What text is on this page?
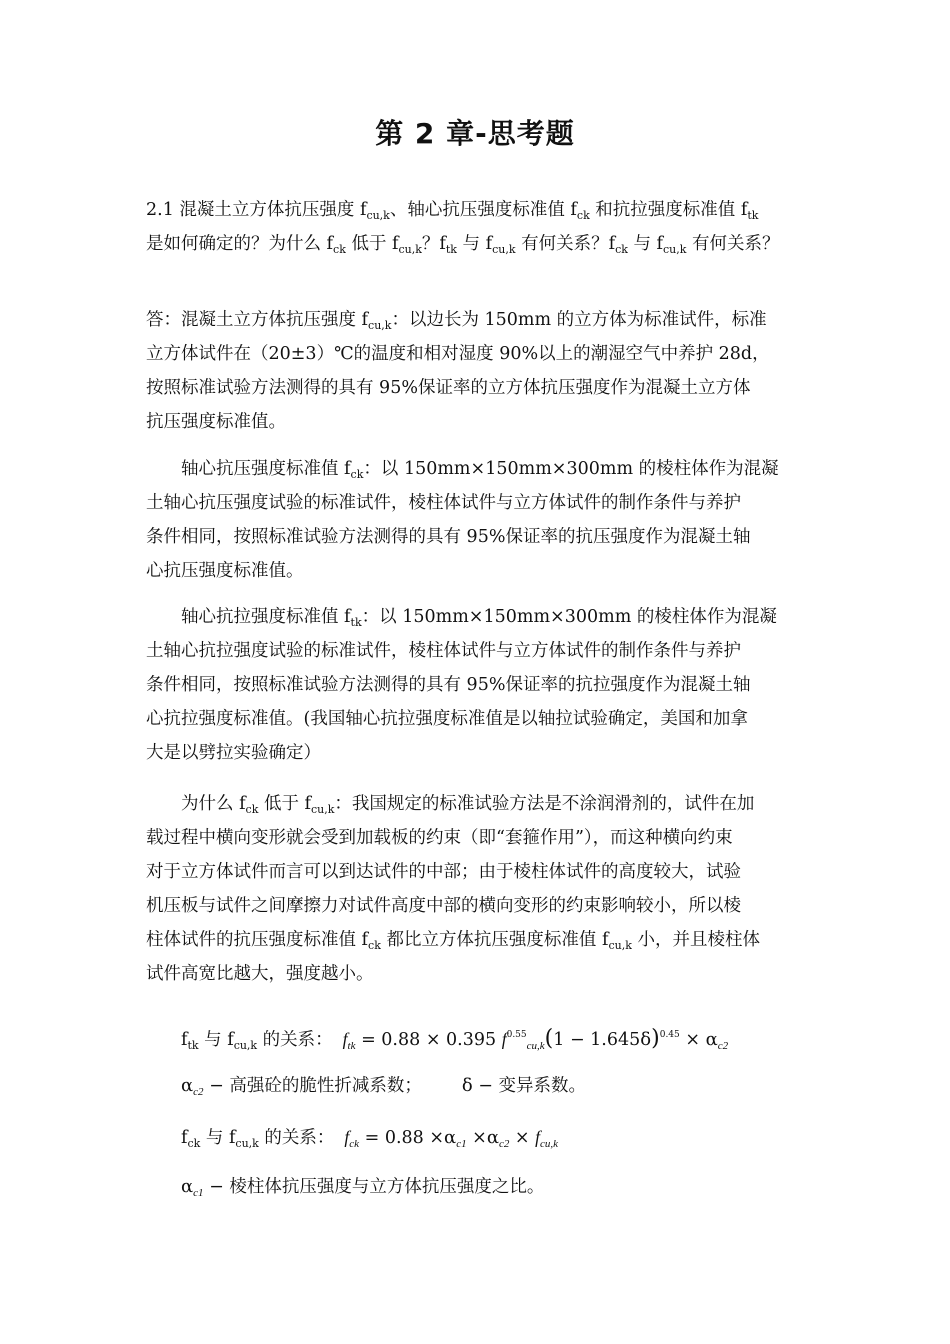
第 2 章-思考题
2.1 混凝土立方体抗压强度 $f_{cu,k}$、轴心抗压强度标准值 $f_{ck}$ 和抗拉强度标准值 $f_{tk}$
是如何确定的？为什么 $f_{ck}$ 低于 $f_{cu,k}$？$f_{tk}$ 与 $f_{cu,k}$ 有何关系？$f_{ck}$ 与 $f_{cu,k}$ 有何关系？
答：混凝土立方体抗压强度 $f_{cu,k}$：以边长为 150mm 的立方体为标准试件，标准
立方体试件在（20±3）℃的温度和相对湿度 90%以上的潮湿空气中养护 28d，
按照标准试验方法测得的具有 95%保证率的立方体抗压强度作为混凝土立方体
抗压强度标准值。
轴心抗压强度标准值 $f_{ck}$：以 150mm×150mm×300mm 的棱柱体作为混凝
土轴心抗压强度试验的标准试件，棱柱体试件与立方体试件的制作条件与养护
条件相同，按照标准试验方法测得的具有 95%保证率的抗压强度作为混凝土轴
心抗压强度标准值。
轴心抗拉强度标准值 $f_{tk}$：以 150mm×150mm×300mm 的棱柱体作为混凝
土轴心抗拉强度试验的标准试件，棱柱体试件与立方体试件的制作条件与养护
条件相同，按照标准试验方法测得的具有 95%保证率的抗拉强度作为混凝土轴
心抗拉强度标准值。(我国轴心抗拉强度标准值是以轴拉试验确定，美国和加拿
大是以劈拉实验确定）
为什么 $f_{ck}$ 低于 $f_{cu,k}$：我国规定的标准试验方法是不涂润滑剂的，试件在加
载过程中横向变形就会受到加载板的约束（即“套箍作用”），而这种横向约束
对于立方体试件而言可以到达试件的中部；由于棱柱体试件的高度较大，试验
机压板与试件之间摩擦力对试件高度中部的横向变形的约束影响较小，所以棱
柱体试件的抗压强度标准值 $f_{ck}$ 都比立方体抗压强度标准值 $f_{cu,k}$ 小，并且棱柱体
试件高宽比越大，强度越小。
$f_{tk}$ 与 $f_{cu,k}$ 的关系： $f_{tk} = 0.88 \times 0.395$ $f^{0.55}_{cu,k}(1 - 1.645\delta)^{0.45} \times \alpha_{c2}$
$\alpha_{c2}$ − 高强砼的脆性折减系数； δ − 变异系数。
$f_{ck}$ 与 $f_{cu,k}$ 的关系： $f_{ck} = 0.88 \times\alpha_{c1} \times\alpha_{c2} \times f_{cu,k}$
$\alpha_{c1}$ − 棱柱体抗压强度与立方体抗压强度之比。
